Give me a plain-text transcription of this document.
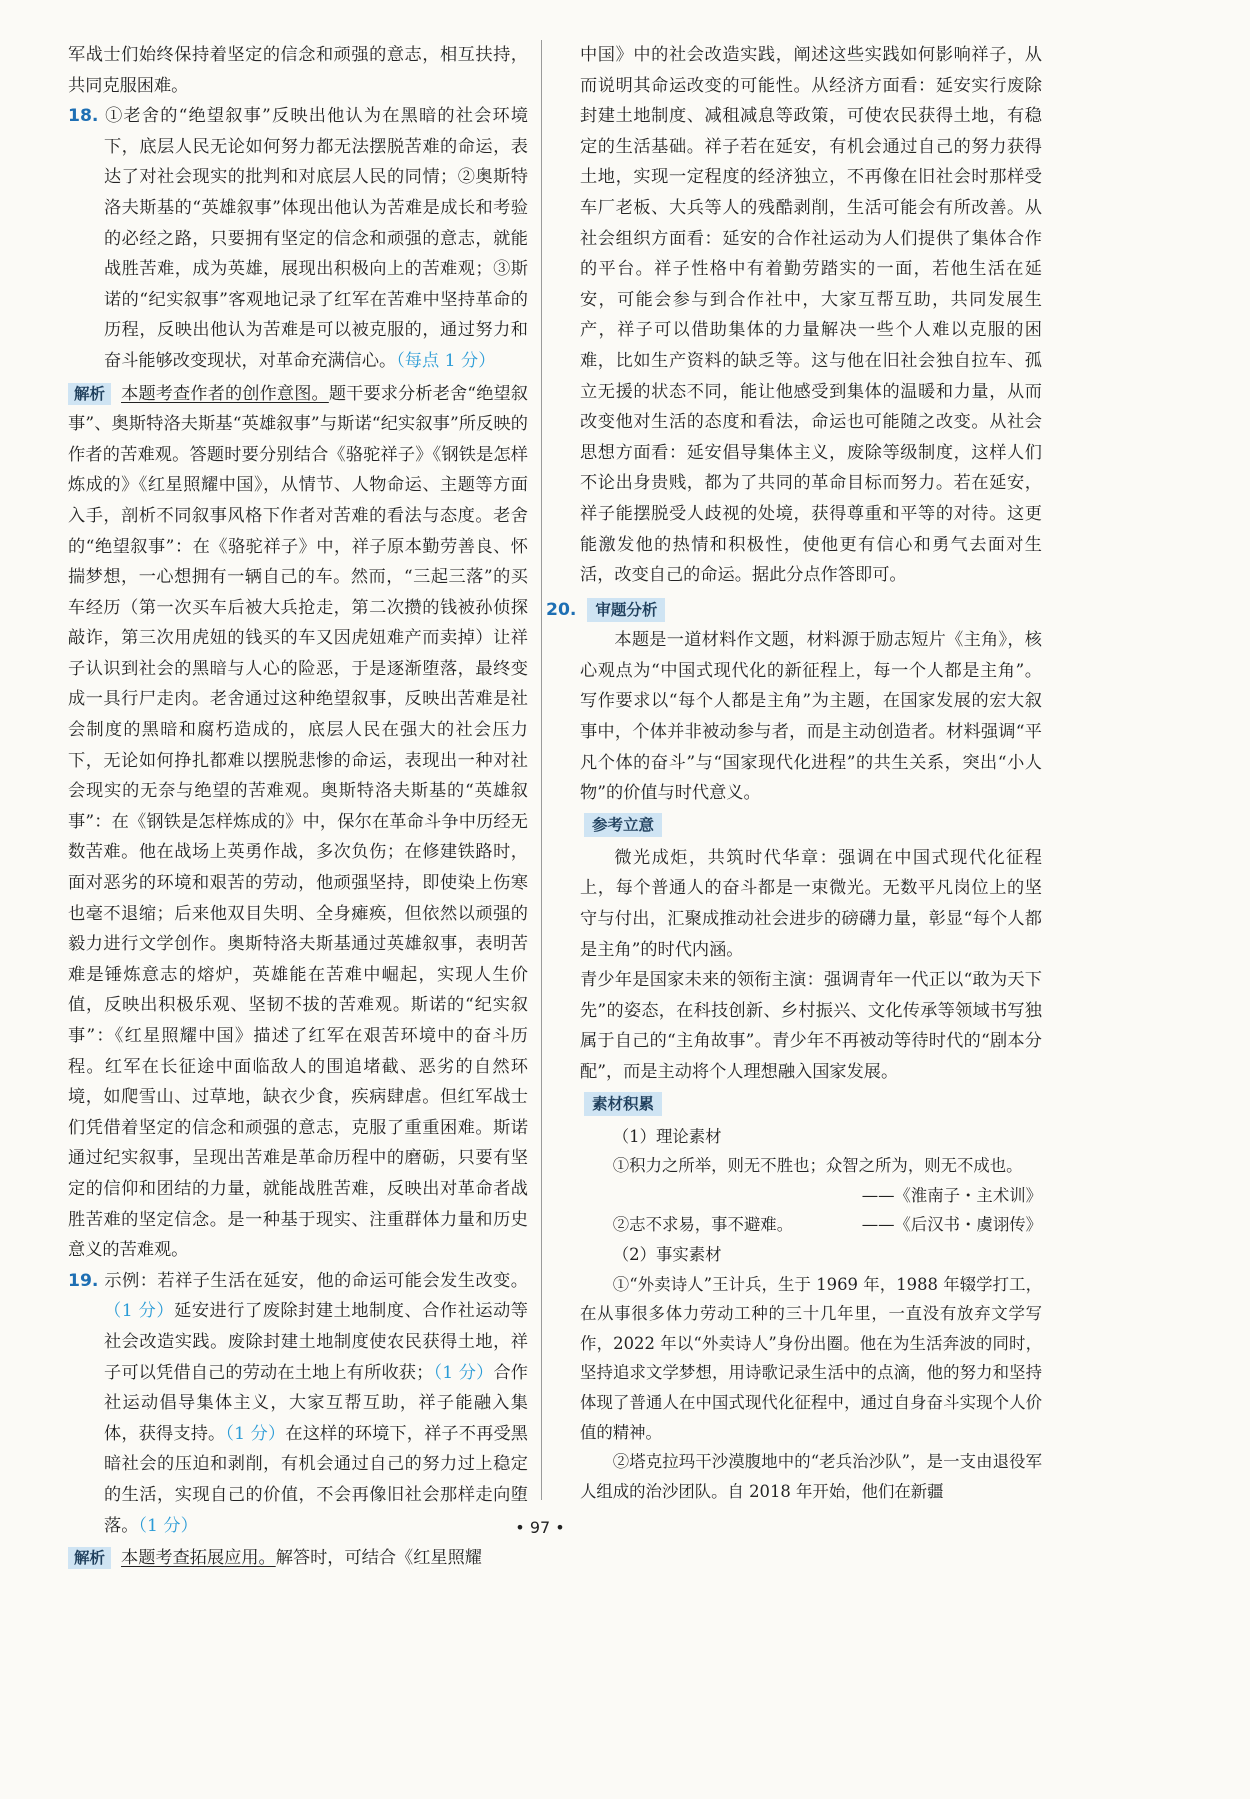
军战士们始终保持着坚定的信念和顽强的意志，相互扶持，共同克服困难。

18. ①老舍的“绝望叙事”反映出他认为在黑暗的社会环境下，底层人民无论如何努力都无法摆脱苦难的命运，表达了对社会现实的批判和对底层人民的同情；②奥斯特洛夫斯基的“英雄叙事”体现出他认为苦难是成长和考验的必经之路，只要拥有坚定的信念和顽强的意志，就能战胜苦难，成为英雄，展现出积极向上的苦难观；③斯诺的“纪实叙事”客观地记录了红军在苦难中坚持革命的历程，反映出他认为苦难是可以被克服的，通过努力和奋斗能够改变现状，对革命充满信心。（每点 1 分）

解析 本题考查作者的创作意图。题干要求分析老舍“绝望叙事”、奥斯特洛夫斯基“英雄叙事”与斯诺“纪实叙事”所反映的作者的苦难观。答题时要分别结合《骆驼祥子》《钢铁是怎样炼成的》《红星照耀中国》，从情节、人物命运、主题等方面入手，剖析不同叙事风格下作者对苦难的看法与态度。老舍的“绝望叙事”：在《骆驼祥子》中，祥子原本勤劳善良、怀揣梦想，一心想拥有一辆自己的车。然而，“三起三落”的买车经历（第一次买车后被大兵抢走，第二次攒的钱被孙侦探敲诈，第三次用虎妞的钱买的车又因虎妞难产而卖掉）让祥子认识到社会的黑暗与人心的险恶，于是逐渐堕落，最终变成一具行尸走肉。老舍通过这种绝望叙事，反映出苦难是社会制度的黑暗和腐朽造成的，底层人民在强大的社会压力下，无论如何挣扎都难以摆脱悲惨的命运，表现出一种对社会现实的无奈与绝望的苦难观。奥斯特洛夫斯基的“英雄叙事”：在《钢铁是怎样炼成的》中，保尔在革命斗争中历经无数苦难。他在战场上英勇作战，多次负伤；在修建铁路时，面对恶劣的环境和艰苦的劳动，他顽强坚持，即使染上伤寒也毫不退缩；后来他双目失明、全身瘫痪，但依然以顽强的毅力进行文学创作。奥斯特洛夫斯基通过英雄叙事，表明苦难是锤炼意志的熔炉，英雄能在苦难中崛起，实现人生价值，反映出积极乐观、坚韧不拔的苦难观。斯诺的“纪实叙事”：《红星照耀中国》描述了红军在艰苦环境中的奋斗历程。红军在长征途中面临敌人的围追堵截、恶劣的自然环境，如爬雪山、过草地，缺衣少食，疾病肆虐。但红军战士们凭借着坚定的信念和顽强的意志，克服了重重困难。斯诺通过纪实叙事，呈现出苦难是革命历程中的磨砺，只要有坚定的信仰和团结的力量，就能战胜苦难，反映出对革命者战胜苦难的坚定信念。是一种基于现实、注重群体力量和历史意义的苦难观。

19. 示例：若祥子生活在延安，他的命运可能会发生改变。（1 分）延安进行了废除封建土地制度、合作社运动等社会改造实践。废除封建土地制度使农民获得土地，祥子可以凭借自己的劳动在土地上有所收获；（1 分）合作社运动倡导集体主义，大家互帮互助，祥子能融入集体，获得支持。（1 分）在这样的环境下，祥子不再受黑暗社会的压迫和剥削，有机会通过自己的努力过上稳定的生活，实现自己的价值，不会再像旧社会那样走向堕落。（1 分）

解析 本题考查拓展应用。解答时，可结合《红星照耀

中国》中的社会改造实践，阐述这些实践如何影响祥子，从而说明其命运改变的可能性。从经济方面看：延安实行废除封建土地制度、减租减息等政策，可使农民获得土地，有稳定的生活基础。祥子若在延安，有机会通过自己的努力获得土地，实现一定程度的经济独立，不再像在旧社会时那样受车厂老板、大兵等人的残酷剥削，生活可能会有所改善。从社会组织方面看：延安的合作社运动为人们提供了集体合作的平台。祥子性格中有着勤劳踏实的一面，若他生活在延安，可能会参与到合作社中，大家互帮互助，共同发展生产，祥子可以借助集体的力量解决一些个人难以克服的困难，比如生产资料的缺乏等。这与他在旧社会独自拉车、孤立无援的状态不同，能让他感受到集体的温暖和力量，从而改变他对生活的态度和看法，命运也可能随之改变。从社会思想方面看：延安倡导集体主义，废除等级制度，这样人们不论出身贵贱，都为了共同的革命目标而努力。若在延安，祥子能摆脱受人歧视的处境，获得尊重和平等的对待。这更能激发他的热情和积极性，使他更有信心和勇气去面对生活，改变自己的命运。据此分点作答即可。

20. 审题分析

本题是一道材料作文题，材料源于励志短片《主角》，核心观点为“中国式现代化的新征程上，每一个人都是主角”。写作要求以“每个人都是主角”为主题，在国家发展的宏大叙事中，个体并非被动参与者，而是主动创造者。材料强调“平凡个体的奋斗”与“国家现代化进程”的共生关系，突出“小人物”的价值与时代意义。

参考立意

微光成炬，共筑时代华章：强调在中国式现代化征程上，每个普通人的奋斗都是一束微光。无数平凡岗位上的坚守与付出，汇聚成推动社会进步的磅礴力量，彰显“每个人都是主角”的时代内涵。

青少年是国家未来的领衔主演：强调青年一代正以“敢为天下先”的姿态，在科技创新、乡村振兴、文化传承等领域书写独属于自己的“主角故事”。青少年不再被动等待时代的“剧本分配”，而是主动将个人理想融入国家发展。

素材积累

（1）理论素材

①积力之所举，则无不胜也；众智之所为，则无不成也。

——《淮南子・主术训》

②志不求易，事不避难。	——《后汉书・虞诩传》

（2）事实素材

①“外卖诗人”王计兵，生于 1969 年，1988 年辍学打工，在从事很多体力劳动工种的三十几年里，一直没有放弃文学写作，2022 年以“外卖诗人”身份出圈。他在为生活奔波的同时，坚持追求文学梦想，用诗歌记录生活中的点滴，他的努力和坚持体现了普通人在中国式现代化征程中，通过自身奋斗实现个人价值的精神。

②塔克拉玛干沙漠腹地中的“老兵治沙队”，是一支由退役军人组成的治沙团队。自 2018 年开始，他们在新疆

• 97 •
